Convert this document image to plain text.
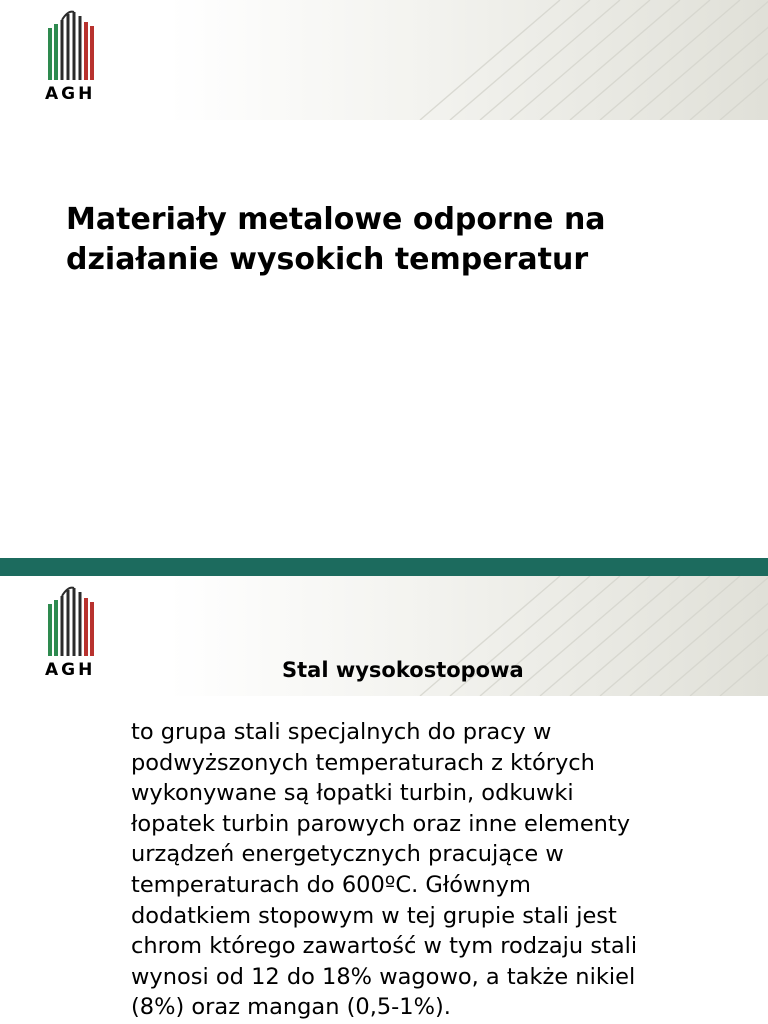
AGH
Materiały metalowe odporne na działanie wysokich temperatur
AGH	Stal wysokostopowa
to grupa stali specjalnych do pracy w
podwyższonych temperaturach z których
wykonywane są łopatki turbin, odkuwki
łopatek turbin parowych oraz inne elementy
urządzeń energetycznych pracujące w
temperaturach do 600ºC. Głównym
dodatkiem stopowym w tej grupie stali jest
chrom którego zawartość w tym rodzaju stali
wynosi od 12 do 18% wagowo, a także nikiel
(8%) oraz mangan (0,5-1%).
